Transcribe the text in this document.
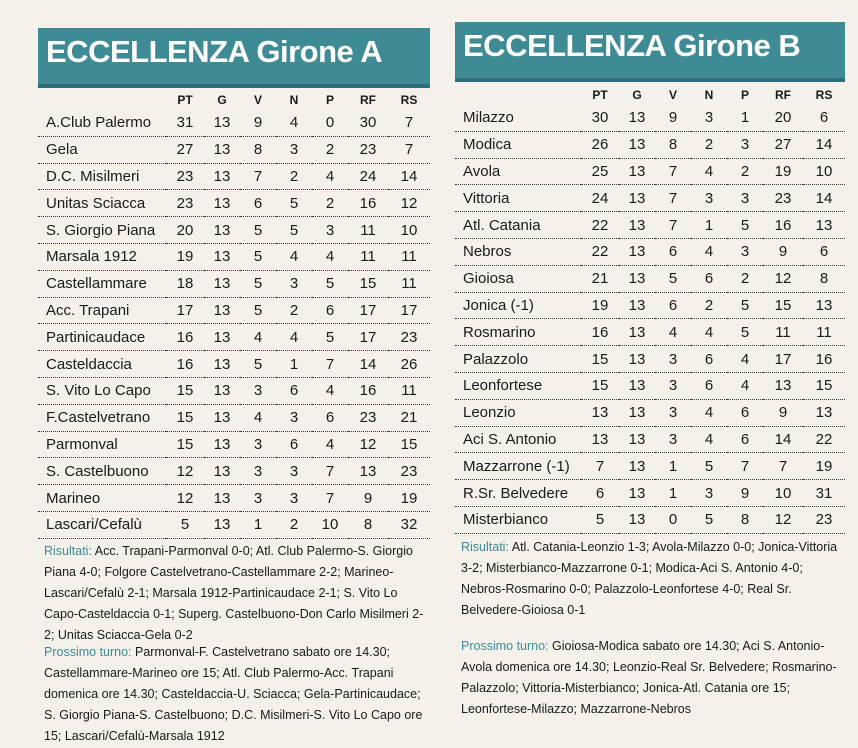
ECCELLENZA Girone A
	PT	G	V	N	P	RF	RS
A.Club Palermo	31	13	9	4	0	30	7
Gela	27	13	8	3	2	23	7
D.C. Misilmeri	23	13	7	2	4	24	14
Unitas Sciacca	23	13	6	5	2	16	12
S. Giorgio Piana	20	13	5	5	3	11	10
Marsala 1912	19	13	5	4	4	11	11
Castellammare	18	13	5	3	5	15	11
Acc. Trapani	17	13	5	2	6	17	17
Partinicaudace	16	13	4	4	5	17	23
Casteldaccia	16	13	5	1	7	14	26
S. Vito Lo Capo	15	13	3	6	4	16	11
F.Castelvetrano	15	13	4	3	6	23	21
Parmonval	15	13	3	6	4	12	15
S. Castelbuono	12	13	3	3	7	13	23
Marineo	12	13	3	3	7	9	19
Lascari/Cefalù	5	13	1	2	10	8	32

Risultati: Acc. Trapani-Parmonval 0-0; Atl. Club Palermo-S. Giorgio Piana 4-0; Folgore Castelvetrano-Castellammare 2-2; Marineo-Lascari/Cefalù 2-1; Marsala 1912-Partinicaudace 2-1; S. Vito Lo Capo-Casteldaccia 0-1; Superg. Castelbuono-Don Carlo Misilmeri 2-2; Unitas Sciacca-Gela 0-2

Prossimo turno: Parmonval-F. Castelvetrano sabato ore 14.30; Castellammare-Marineo ore 15; Atl. Club Palermo-Acc. Trapani domenica ore 14.30; Casteldaccia-U. Sciacca; Gela-Partinicaudace; S. Giorgio Piana-S. Castelbuono; D.C. Misilmeri-S. Vito Lo Capo ore 15; Lascari/Cefalù-Marsala 1912

ECCELLENZA Girone B
	PT	G	V	N	P	RF	RS
Milazzo	30	13	9	3	1	20	6
Modica	26	13	8	2	3	27	14
Avola	25	13	7	4	2	19	10
Vittoria	24	13	7	3	3	23	14
Atl. Catania	22	13	7	1	5	16	13
Nebros	22	13	6	4	3	9	6
Gioiosa	21	13	5	6	2	12	8
Jonica (-1)	19	13	6	2	5	15	13
Rosmarino	16	13	4	4	5	11	11
Palazzolo	15	13	3	6	4	17	16
Leonfortese	15	13	3	6	4	13	15
Leonzio	13	13	3	4	6	9	13
Aci S. Antonio	13	13	3	4	6	14	22
Mazzarrone (-1)	7	13	1	5	7	7	19
R.Sr. Belvedere	6	13	1	3	9	10	31
Misterbianco	5	13	0	5	8	12	23

Risultati: Atl. Catania-Leonzio 1-3; Avola-Milazzo 0-0; Jonica-Vittoria 3-2; Misterbianco-Mazzarrone 0-1; Modica-Aci S. Antonio 4-0; Nebros-Rosmarino 0-0; Palazzolo-Leonfortese 4-0; Real Sr. Belvedere-Gioiosa 0-1

Prossimo turno: Gioiosa-Modica sabato ore 14.30; Aci S. Antonio-Avola domenica ore 14.30; Leonzio-Real Sr. Belvedere; Rosmarino-Palazzolo; Vittoria-Misterbianco; Jonica-Atl. Catania ore 15; Leonfortese-Milazzo; Mazzarrone-Nebros
